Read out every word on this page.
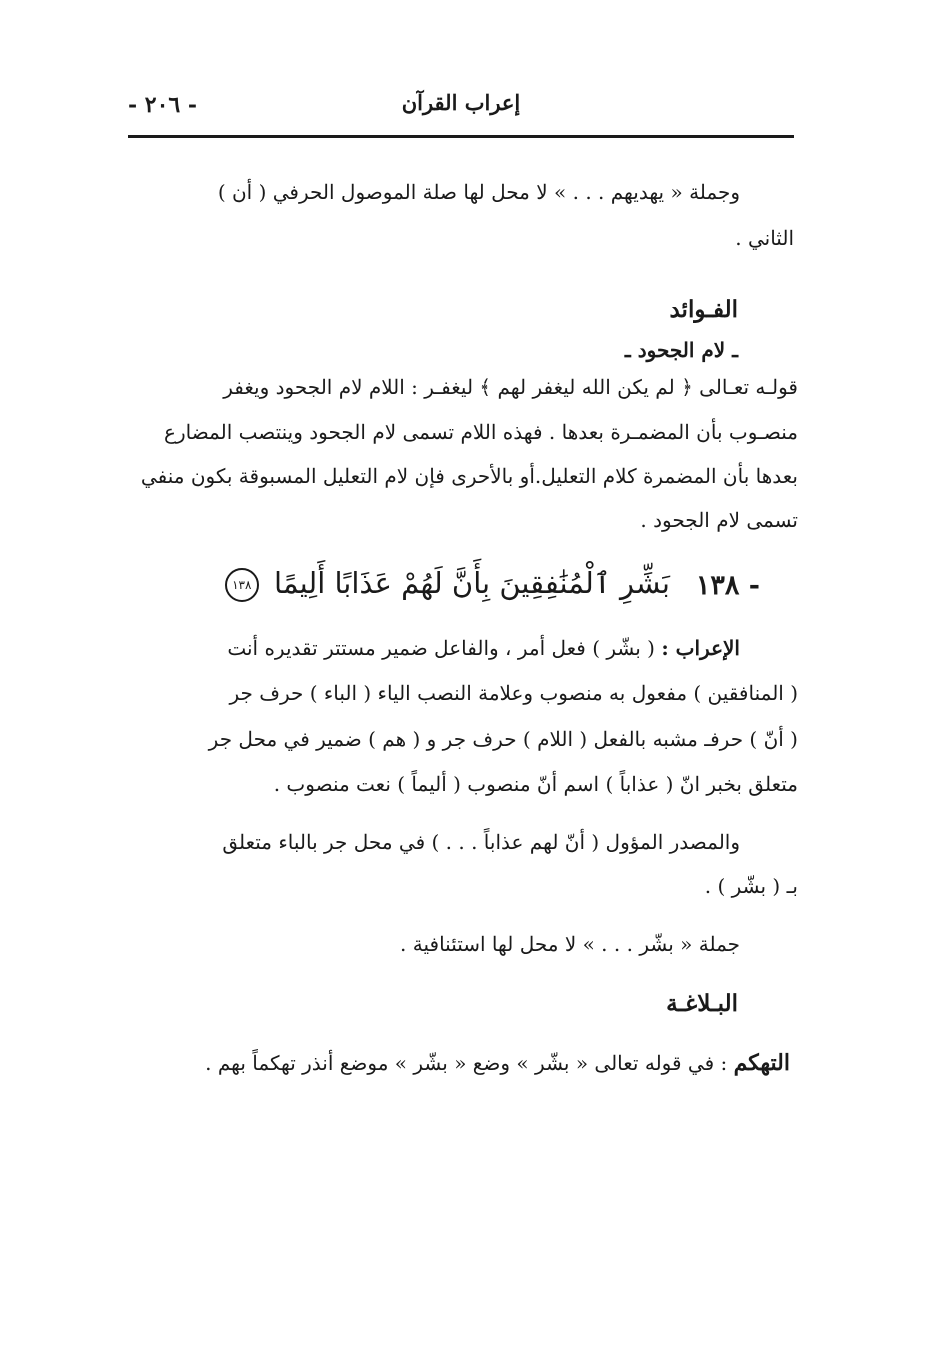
إعراب القرآن
- ٢٠٦ -
وجملة « يهديهم . . . » لا محل لها صلة الموصول الحرفي ( أن )
الثاني .
الفـوائد
ـ لام الجحود ـ
قولـه تعـالى ﴿ لم يكن الله ليغفر لهم ﴾ ليغفـر : اللام لام الجحود ويغفر
منصـوب بأن المضمـرة بعدها . فهذه اللام تسمى لام الجحود وينتصب المضارع
بعدها بأن المضمرة كلام التعليل.أو بالأحرى فإن لام التعليل المسبوقة بكون منفي
تسمى لام الجحود .
١٣٨ -
بَشِّرِ ٱلْمُنَٰفِقِينَ بِأَنَّ لَهُمْ عَذَابًا أَلِيمًا ١٣٨
الإعراب : ( بشّر ) فعل أمر ، والفاعل ضمير مستتر تقديره أنت
( المنافقين ) مفعول به منصوب وعلامة النصب الياء ( الباء ) حرف جر
( أنّ ) حرفـ مشبه بالفعل ( اللام ) حرف جر و ( هم ) ضمير في محل جر
متعلق بخبر انّ ( عذاباً ) اسم أنّ منصوب ( أليماً ) نعت منصوب .
والمصدر المؤول ( أنّ لهم عذاباً . . . ) في محل جر بالباء متعلق
بـ ( بشّر ) .
جملة « بشّر . . . » لا محل لها استئنافية .
البـلاغـة
التهكم : في قوله تعالى « بشّر » وضع « بشّر » موضع أنذر تهكماً بهم .
